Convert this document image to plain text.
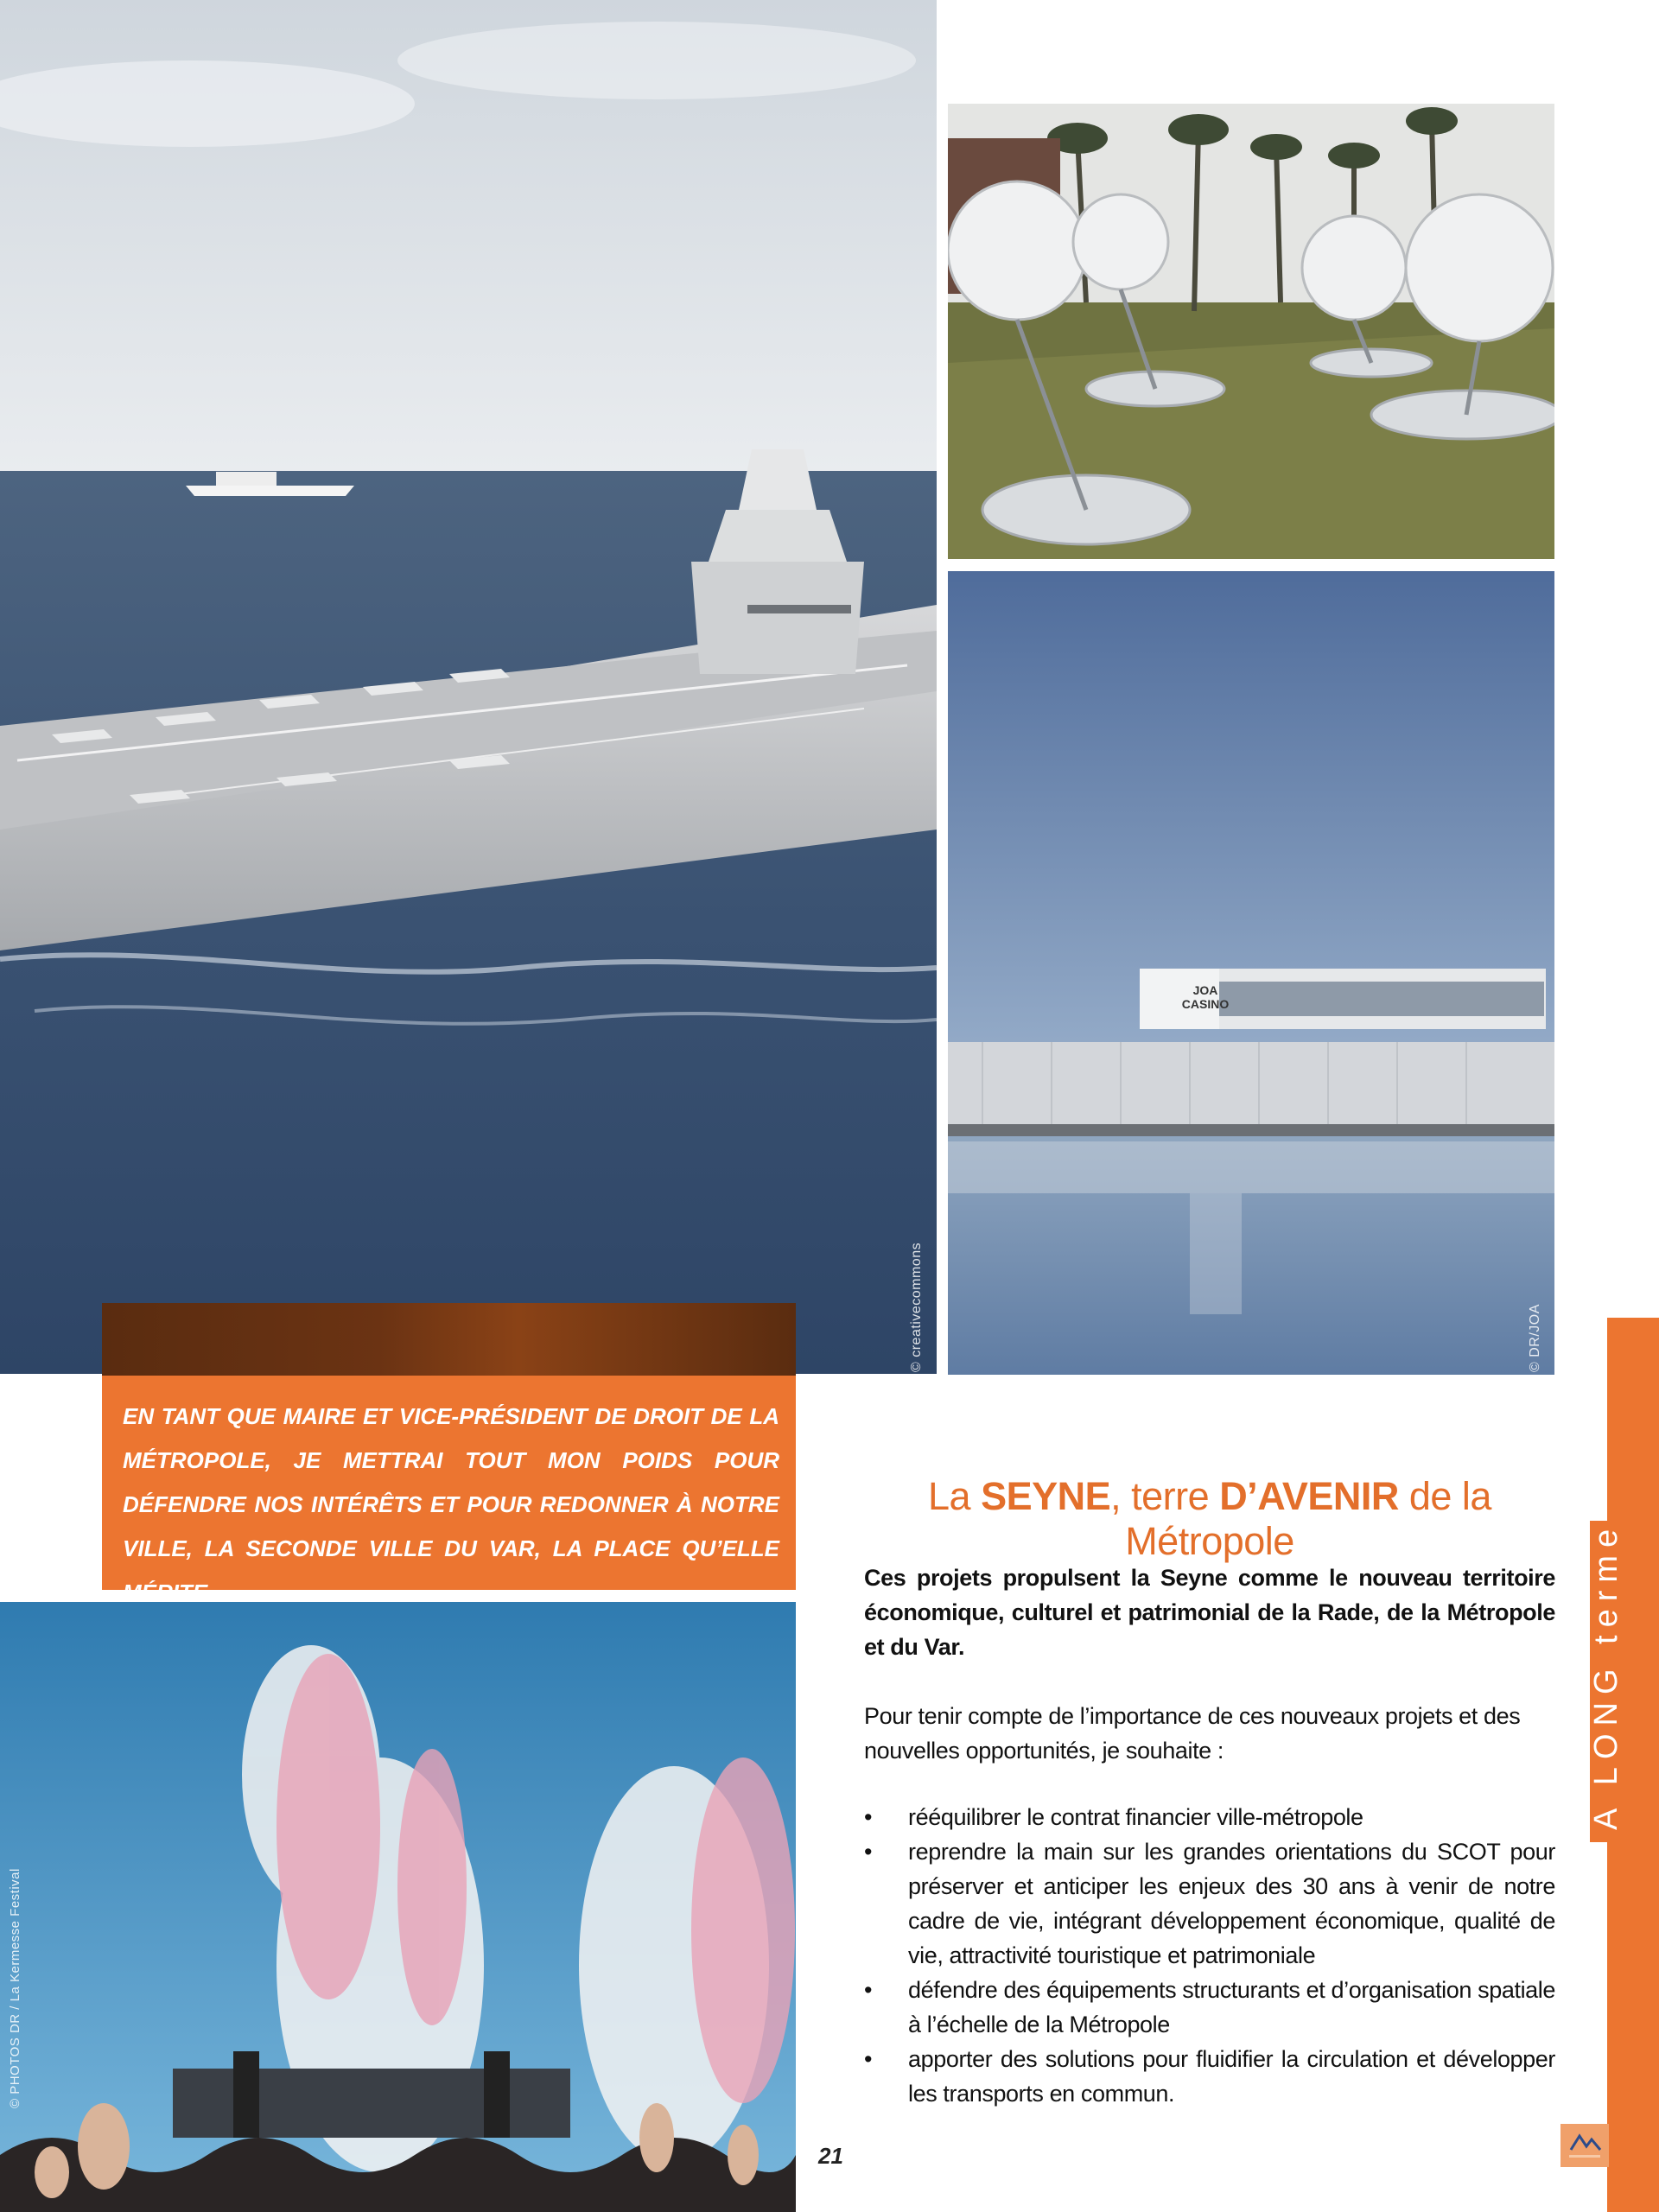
© creativecommons
JOA
CASINO
© DR/JOA
© PHOTOS DR / La Kermesse Festival
EN TANT QUE MAIRE ET VICE-PRÉSIDENT DE DROIT DE LA MÉTROPOLE, JE METTRAI TOUT MON POIDS POUR DÉFENDRE NOS INTÉRÊTS ET POUR REDONNER À NOTRE VILLE, LA SECONDE VILLE DU VAR, LA PLACE QU’ELLE MÉRITE.
La SEYNE, terre D’AVENIR de la Métropole
Ces projets propulsent la Seyne comme le nouveau territoire économique, culturel et patrimonial de la Rade, de la Métropole et du Var.
Pour tenir compte de l’importance de ces nouveaux projets et des nouvelles opportunités, je souhaite :
• rééquilibrer le contrat financier ville-métropole
• reprendre la main sur les grandes orientations du SCOT pour préserver et anticiper les enjeux des 30 ans à venir de notre cadre de vie, intégrant développement économique, qualité de vie, attractivité touristique et patrimoniale
• défendre des équipements structurants et d’organisation spatiale à l’échelle de la Métropole
• apporter des solutions pour fluidifier la circulation et développer les transports en commun.
21
A LONG terme
